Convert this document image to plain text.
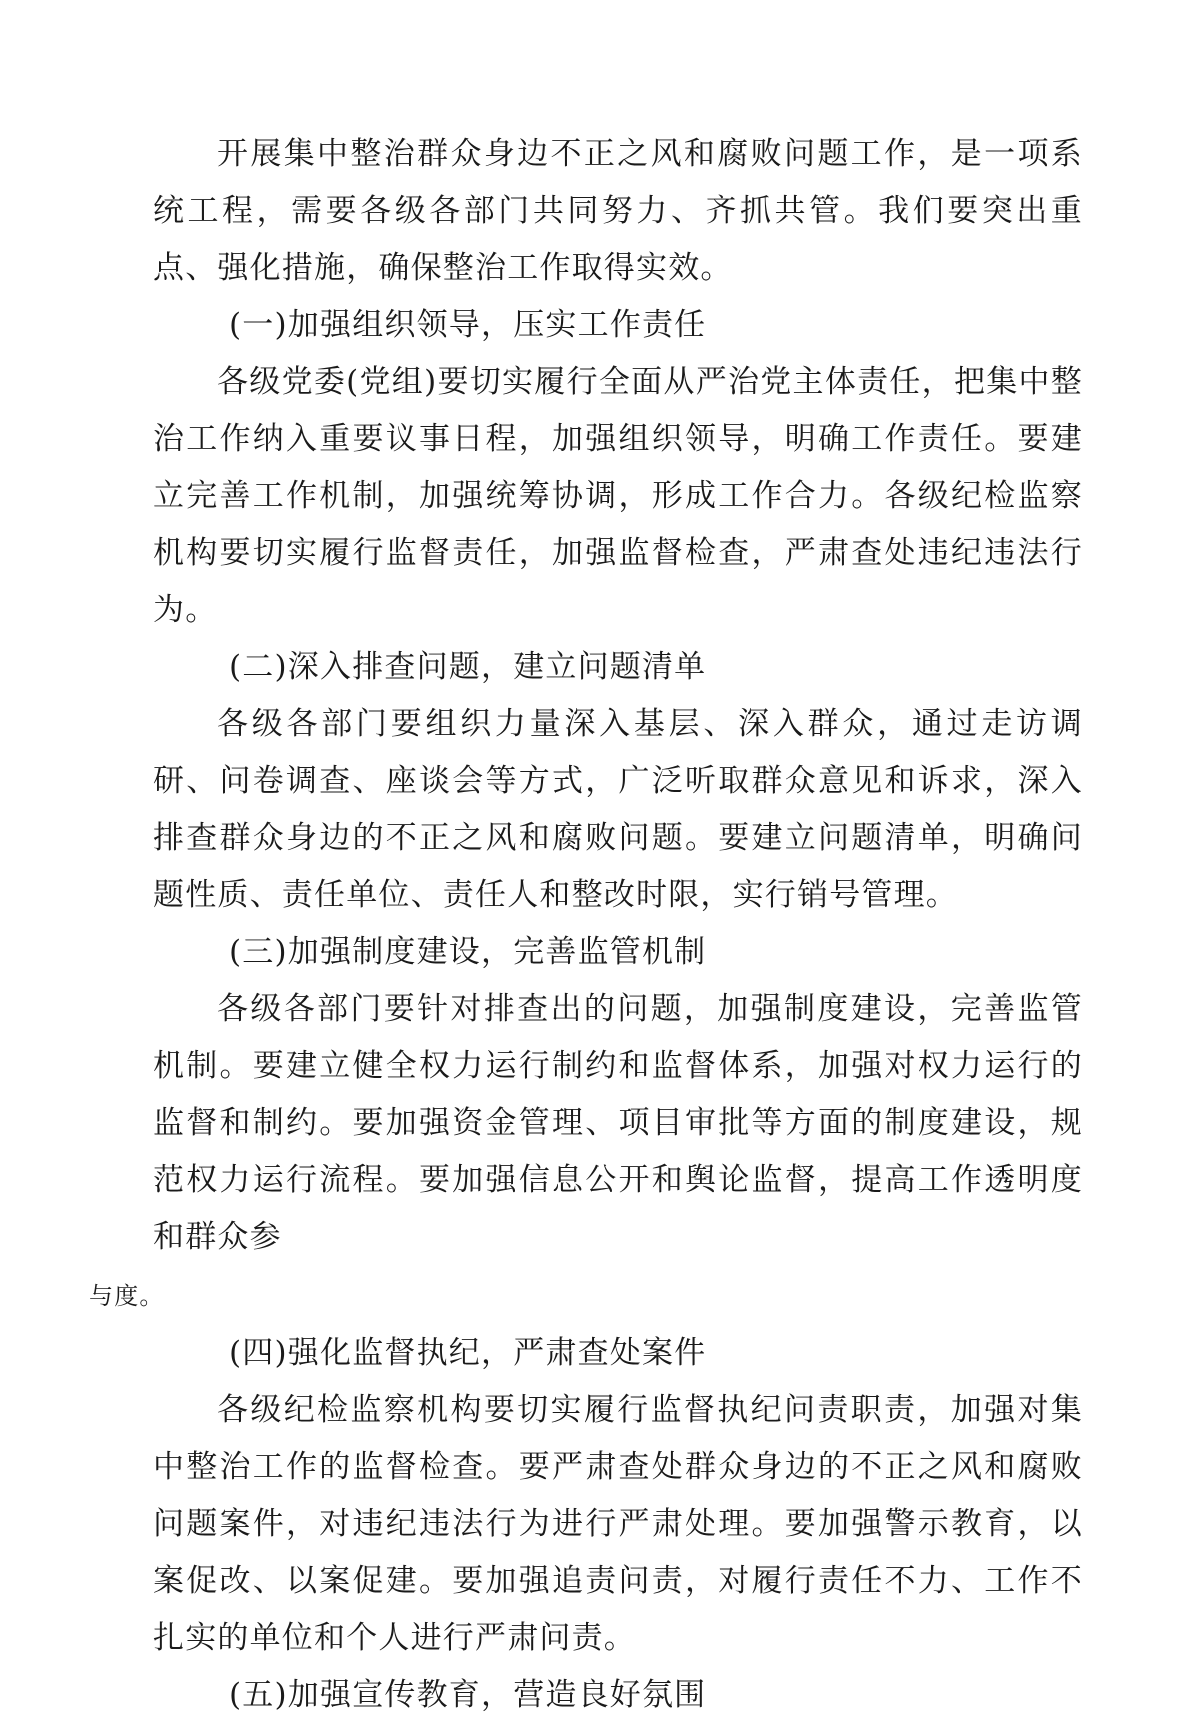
开展集中整治群众身边不正之风和腐败问题工作，是一项系统工程，需要各级各部门共同努力、齐抓共管。我们要突出重点、强化措施，确保整治工作取得实效。

(一)加强组织领导，压实工作责任

各级党委(党组)要切实履行全面从严治党主体责任，把集中整治工作纳入重要议事日程，加强组织领导，明确工作责任。要建立完善工作机制，加强统筹协调，形成工作合力。各级纪检监察机构要切实履行监督责任，加强监督检查，严肃查处违纪违法行为。

(二)深入排查问题，建立问题清单

各级各部门要组织力量深入基层、深入群众，通过走访调研、问卷调查、座谈会等方式，广泛听取群众意见和诉求，深入排查群众身边的不正之风和腐败问题。要建立问题清单，明确问题性质、责任单位、责任人和整改时限，实行销号管理。

(三)加强制度建设，完善监管机制

各级各部门要针对排查出的问题，加强制度建设，完善监管机制。要建立健全权力运行制约和监督体系，加强对权力运行的监督和制约。要加强资金管理、项目审批等方面的制度建设，规范权力运行流程。要加强信息公开和舆论监督，提高工作透明度和群众参
与度。

(四)强化监督执纪，严肃查处案件

各级纪检监察机构要切实履行监督执纪问责职责，加强对集中整治工作的监督检查。要严肃查处群众身边的不正之风和腐败问题案件，对违纪违法行为进行严肃处理。要加强警示教育，以案促改、以案促建。要加强追责问责，对履行责任不力、工作不扎实的单位和个人进行严肃问责。

(五)加强宣传教育，营造良好氛围
